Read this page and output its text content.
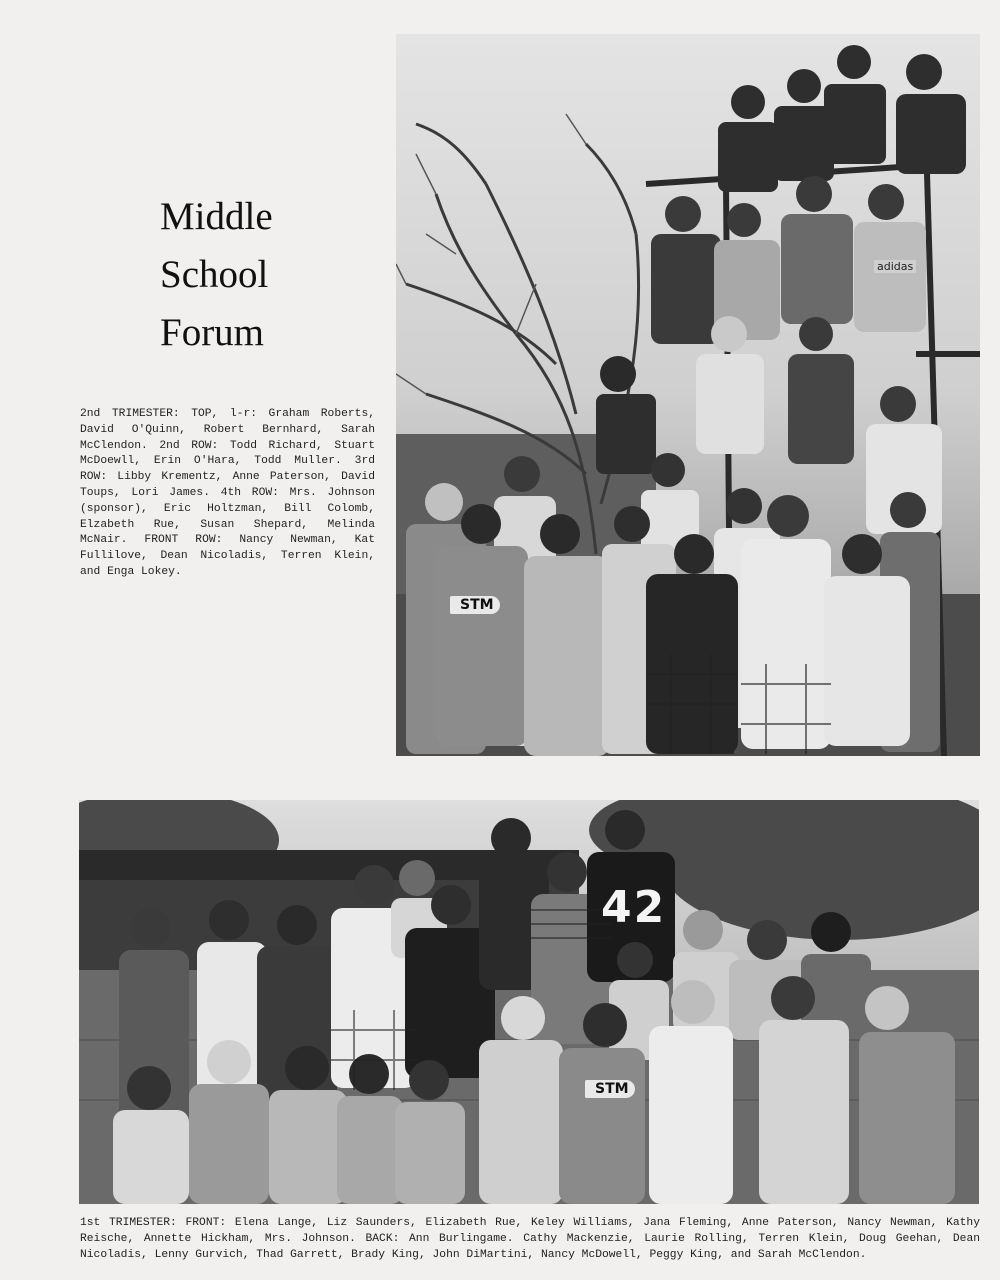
Middle
School
Forum

2nd TRIMESTER: TOP, l-r: Graham Roberts, David O'Quinn, Robert Bernhard, Sarah McClendon. 2nd ROW: Todd Richard, Stuart McDoewll, Erin O'Hara, Todd Muller. 3rd ROW: Libby Krementz, Anne Paterson, David Toups, Lori James. 4th ROW: Mrs. Johnson (sponsor), Eric Holtzman, Bill Colomb, Elzabeth Rue, Susan Shepard, Melinda McNair. FRONT ROW: Nancy Newman, Kat Fullilove, Dean Nicoladis, Terren Klein, and Enga Lokey.

STM
adidas
42
STM

1st TRIMESTER: FRONT: Elena Lange, Liz Saunders, Elizabeth Rue, Keley Williams, Jana Fleming, Anne Paterson, Nancy Newman, Kathy Reische, Annette Hickham, Mrs. Johnson. BACK: Ann Burlingame. Cathy Mackenzie, Laurie Rolling, Terren Klein, Doug Geehan, Dean Nicoladis, Lenny Gurvich, Thad Garrett, Brady King, John DiMartini, Nancy McDowell, Peggy King, and Sarah McClendon.
